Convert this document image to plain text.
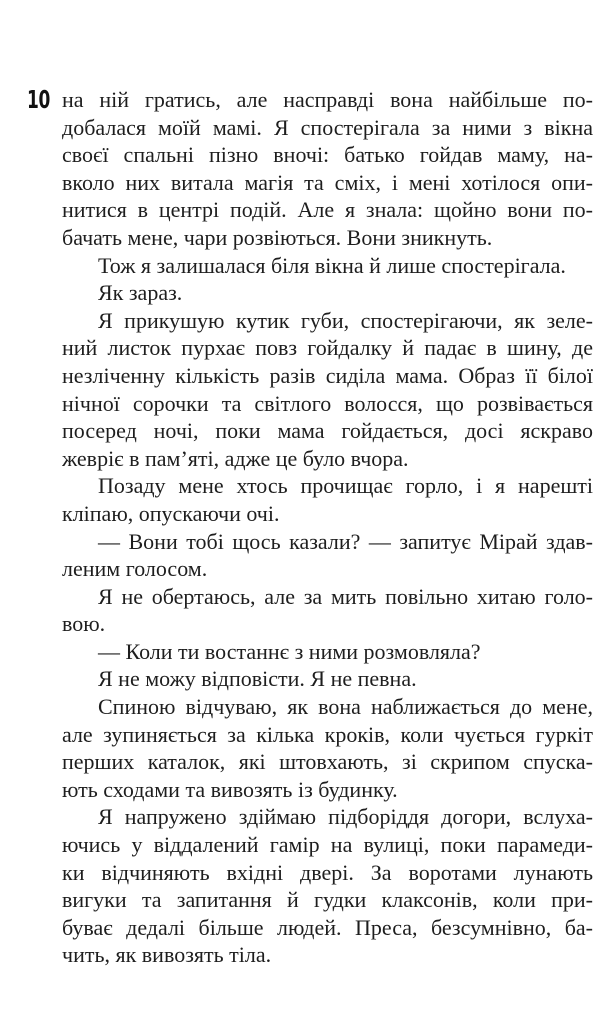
10 на ній гратись, але насправді вона найбільше по-
добалася моїй мамі. Я спостерігала за ними з вікна
своєї спальні пізно вночі: батько гойдав маму, на-
вколо них витала магія та сміх, і мені хотілося опи-
нитися в центрі подій. Але я знала: щойно вони по-
бачать мене, чари розвіються. Вони зникнуть.
Тож я залишалася біля вікна й лише спостерігала.
Як зараз.
Я прикушую кутик губи, спостерігаючи, як зеле-
ний листок пурхає повз гойдалку й падає в шину, де
незліченну кількість разів сиділа мама. Образ її білої
нічної сорочки та світлого волосся, що розвівається
посеред ночі, поки мама гойдається, досі яскраво
жевріє в пам’яті, адже це було вчора.
Позаду мене хтось прочищає горло, і я нарешті
кліпаю, опускаючи очі.
— Вони тобі щось казали? — запитує Мірай здав-
леним голосом.
Я не обертаюсь, але за мить повільно хитаю голо-
вою.
— Коли ти востаннє з ними розмовляла?
Я не можу відповісти. Я не певна.
Спиною відчуваю, як вона наближається до мене,
але зупиняється за кілька кроків, коли чується гуркіт
перших каталок, які штовхають, зі скрипом спуска-
ють сходами та вивозять із будинку.
Я напружено здіймаю підборіддя догори, вслуха-
ючись у віддалений гамір на вулиці, поки парамеди-
ки відчиняють вхідні двері. За воротами лунають
вигуки та запитання й гудки клаксонів, коли при-
буває дедалі більше людей. Преса, безсумнівно, ба-
чить, як вивозять тіла.
